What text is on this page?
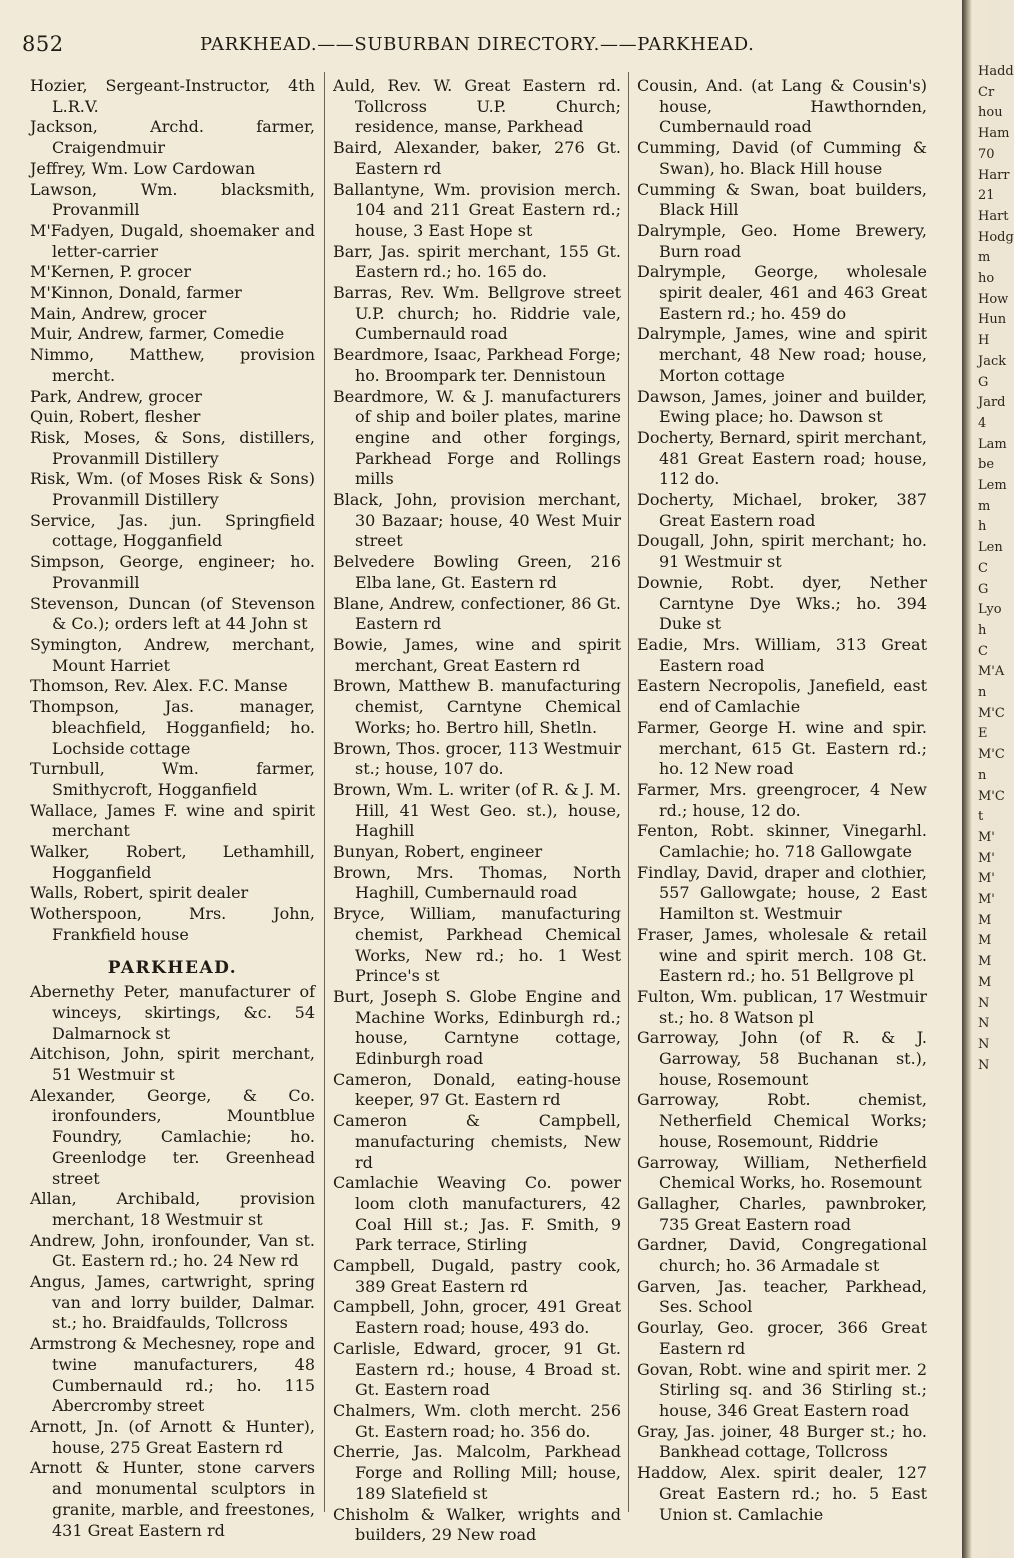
852	PARKHEAD.——SUBURBAN DIRECTORY.——PARKHEAD.

Hozier, Sergeant-Instructor, 4th L.R.V.

Jackson, Archd. farmer, Craigendmuir

Jeffrey, Wm. Low Cardowan

Lawson, Wm. blacksmith, Provanmill

M'Fadyen, Dugald, shoemaker and letter-carrier

M'Kernen, P. grocer

M'Kinnon, Donald, farmer

Main, Andrew, grocer

Muir, Andrew, farmer, Comedie

Nimmo, Matthew, provision mercht.

Park, Andrew, grocer

Quin, Robert, flesher

Risk, Moses, & Sons, distillers, Provanmill Distillery

Risk, Wm. (of Moses Risk & Sons) Provanmill Distillery

Service, Jas. jun. Springfield cottage, Hogganfield

Simpson, George, engineer; ho. Provanmill

Stevenson, Duncan (of Stevenson & Co.); orders left at 44 John st

Symington, Andrew, merchant, Mount Harriet

Thomson, Rev. Alex. F.C. Manse

Thompson, Jas. manager, bleachfield, Hogganfield; ho. Lochside cottage

Turnbull, Wm. farmer, Smithycroft, Hogganfield

Wallace, James F. wine and spirit merchant

Walker, Robert, Lethamhill, Hogganfield

Walls, Robert, spirit dealer

Wotherspoon, Mrs. John, Frankfield house

PARKHEAD.

Abernethy Peter, manufacturer of winceys, skirtings, &c. 54 Dalmarnock st

Aitchison, John, spirit merchant, 51 Westmuir st

Alexander, George, & Co. ironfounders, Mountblue Foundry, Camlachie; ho. Greenlodge ter. Greenhead street

Allan, Archibald, provision merchant, 18 Westmuir st

Andrew, John, ironfounder, Van st. Gt. Eastern rd.; ho. 24 New rd

Angus, James, cartwright, spring van and lorry builder, Dalmar. st.; ho. Braidfaulds, Tollcross

Armstrong & Mechesney, rope and twine manufacturers, 48 Cumbernauld rd.; ho. 115 Abercromby street

Arnott, Jn. (of Arnott & Hunter), house, 275 Great Eastern rd

Arnott & Hunter, stone carvers and monumental sculptors in granite, marble, and freestones, 431 Great Eastern rd

Auld, Rev. W. Great Eastern rd. Tollcross U.P. Church; residence, manse, Parkhead

Baird, Alexander, baker, 276 Gt. Eastern rd

Ballantyne, Wm. provision merch. 104 and 211 Great Eastern rd.; house, 3 East Hope st

Barr, Jas. spirit merchant, 155 Gt. Eastern rd.; ho. 165 do.

Barras, Rev. Wm. Bellgrove street U.P. church; ho. Riddrie vale, Cumbernauld road

Beardmore, Isaac, Parkhead Forge; ho. Broompark ter. Dennistoun

Beardmore, W. & J. manufacturers of ship and boiler plates, marine engine and other forgings, Parkhead Forge and Rollings mills

Black, John, provision merchant, 30 Bazaar; house, 40 West Muir street

Belvedere Bowling Green, 216 Elba lane, Gt. Eastern rd

Blane, Andrew, confectioner, 86 Gt. Eastern rd

Bowie, James, wine and spirit merchant, Great Eastern rd

Brown, Matthew B. manufacturing chemist, Carntyne Chemical Works; ho. Bertro hill, Shetln.

Brown, Thos. grocer, 113 Westmuir st.; house, 107 do.

Brown, Wm. L. writer (of R. & J. M. Hill, 41 West Geo. st.), house, Haghill

Bunyan, Robert, engineer

Brown, Mrs. Thomas, North Haghill, Cumbernauld road

Bryce, William, manufacturing chemist, Parkhead Chemical Works, New rd.; ho. 1 West Prince's st

Burt, Joseph S. Globe Engine and Machine Works, Edinburgh rd.; house, Carntyne cottage, Edinburgh road

Cameron, Donald, eating-house keeper, 97 Gt. Eastern rd

Cameron & Campbell, manufacturing chemists, New rd

Camlachie Weaving Co. power loom cloth manufacturers, 42 Coal Hill st.; Jas. F. Smith, 9 Park terrace, Stirling

Campbell, Dugald, pastry cook, 389 Great Eastern rd

Campbell, John, grocer, 491 Great Eastern road; house, 493 do.

Carlisle, Edward, grocer, 91 Gt. Eastern rd.; house, 4 Broad st. Gt. Eastern road

Chalmers, Wm. cloth mercht. 256 Gt. Eastern road; ho. 356 do.

Cherrie, Jas. Malcolm, Parkhead Forge and Rolling Mill; house, 189 Slatefield st

Chisholm & Walker, wrights and builders, 29 New road

Cousin, And. (at Lang & Cousin's) house, Hawthornden, Cumbernauld road

Cumming, David (of Cumming & Swan), ho. Black Hill house

Cumming & Swan, boat builders, Black Hill

Dalrymple, Geo. Home Brewery, Burn road

Dalrymple, George, wholesale spirit dealer, 461 and 463 Great Eastern rd.; ho. 459 do

Dalrymple, James, wine and spirit merchant, 48 New road; house, Morton cottage

Dawson, James, joiner and builder, Ewing place; ho. Dawson st

Docherty, Bernard, spirit merchant, 481 Great Eastern road; house, 112 do.

Docherty, Michael, broker, 387 Great Eastern road

Dougall, John, spirit merchant; ho. 91 Westmuir st

Downie, Robt. dyer, Nether Carntyne Dye Wks.; ho. 394 Duke st

Eadie, Mrs. William, 313 Great Eastern road

Eastern Necropolis, Janefield, east end of Camlachie

Farmer, George H. wine and spir. merchant, 615 Gt. Eastern rd.; ho. 12 New road

Farmer, Mrs. greengrocer, 4 New rd.; house, 12 do.

Fenton, Robt. skinner, Vinegarhl. Camlachie; ho. 718 Gallowgate

Findlay, David, draper and clothier, 557 Gallowgate; house, 2 East Hamilton st. Westmuir

Fraser, James, wholesale & retail wine and spirit merch. 108 Gt. Eastern rd.; ho. 51 Bellgrove pl

Fulton, Wm. publican, 17 Westmuir st.; ho. 8 Watson pl

Garroway, John (of R. & J. Garroway, 58 Buchanan st.), house, Rosemount

Garroway, Robt. chemist, Netherfield Chemical Works; house, Rosemount, Riddrie

Garroway, William, Netherfield Chemical Works, ho. Rosemount

Gallagher, Charles, pawnbroker, 735 Great Eastern road

Gardner, David, Congregational church; ho. 36 Armadale st

Garven, Jas. teacher, Parkhead, Ses. School

Gourlay, Geo. grocer, 366 Great Eastern rd

Govan, Robt. wine and spirit mer. 2 Stirling sq. and 36 Stirling st.; house, 346 Great Eastern road

Gray, Jas. joiner, 48 Burger st.; ho. Bankhead cottage, Tollcross

Haddow, Alex. spirit dealer, 127 Great Eastern rd.; ho. 5 East Union st. Camlachie

Hadd
Cr
hou
Ham
70
Harr
21
Hart
Hodg
m
ho
How
Hun
H
Jack
G
Jard
4
Lam
be
Lem
m
h
Len
C
G
Lyo
h
C
M'A
n
M'C
E
M'C
n
M'C
t
M'
M'
M'
M'
M
M
M
M
N
N
N
N
